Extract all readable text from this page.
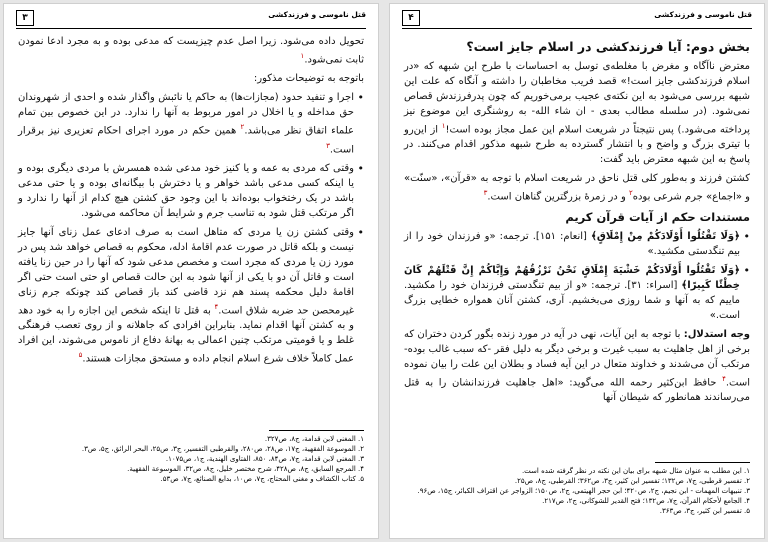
۳	قتل ناموسی و فرزندکشی

تحویل داده می‌شود. زیرا اصل عدم چیزیست که مدعی بوده و به مجرد ادعا نمودن ثابت نمی‌شود.$^۱$

باتوجه به توضیحات مذکور:

• اجرا و تنفید حدود (مجازات‌ها) به حاکم یا نائبش واگذار شده و احدی از شهروندان حق مداخله و یا اخلال در امور مربوط به آنها را ندارد. در این خصوص بین تمام علماء اتفاق نظر می‌باشد.$^۲$ همین حکم در مورد اجرای احکام تعزیری نیز برقرار است.$^۳$

• وقتی که مردی به عمه و یا کنیز خود مدعی شده همسرش با مردی دیگری بوده و یا اینکه کسی مدعی باشد خواهر و یا دخترش با بیگانه‌ای بوده و یا حتی مدعی باشد در یک رختخواب بوده‌اند با این وجود حق کشتن هیچ کدام از آنها را ندارد و اگر مرتکب قتل شود به تناسب جرم و شرایط آن محاکمه می‌شود.

• وقتی کشتن زن یا مردی که متاهل است به صرف ادعای عمل زنای آنها جایز نیست و بلکه قاتل در صورت عدم اقامهٔ ادله، محکوم به قصاص خواهد شد پس در مورد زن یا مردی که مجرد است و مخصص مدعی شود که آنها را در حین زنا یافته است و قاتل آن دو با یکی از آنها شود به این حالت قصاص او حتی است حتی اگر اقامهٔ دلیل محکمه پسند هم نزد قاضی کند باز قصاص کند چونکه جرم زنای غیرمحصن حد ضربه شلاق است.$^۴$ به قتل تا اینکه شخص این اجازه را به خود دهد و به کشتن آنها اقدام نماید. بنابراین افرادی که جاهلانه و از روی تعصب فرهنگی غلط و یا قومیتی مرتکب چنین اعمالی به بهانهٔ دفاع از ناموس می‌شوند، این افراد عمل کاملاً خلاف شرع اسلام انجام داده و مستحق مجازات هستند.$^۵$

۱. المغنی لابن قدامة، ج۸، ص۳۲۷.

۲. الموسوعة الفقهیة، ج۱۷، ص۲۸، ص۲۸۰، والقرطبی التفسیر، ج۳، ص۲۵، البحر الرائق، ج۵، ص۳.

۳. المغنی لابن قدامة، ج۷، ص۸۴، ۸۵۰، الفتاوی الهندیة، ج۱، ص۱۰۷۵.

۴. المرجع السابق، ج۸، ص۴۲۸، شرح مختصر خلیل، ج۸، ص۳۲، الموسوعة الفقهیة.

۵. کتاب الکشاف و مغنی المحتاج، ج۷، ص۱۰، بدایع الصنائع، ج۷، ص۵۳.

۴	قتل ناموسی و فرزندکشی
بخش دوم: آیا فرزندکشی در اسلام جایز است؟

معترض ناآگاه و مغرض با مغلطه‌ی توسل به احساسات با طرح این شبهه که «در اسلام فرزندکشی جایز است!» قصد فریب مخاطبان را داشته و آنگاه که علت این شبهه بررسی می‌شود به این نکته‌ی عجیب برمی‌خوریم که چون پدرفرزندش قصاص نمی‌شود. (در سلسله مطالب بعدی - ان شاء الله- به روشنگری این موضوع نیز پرداخته می‌شود.) پس نتیجتاً در شریعت اسلام این عمل مجاز بوده است!$^۱$ از این‌رو با تیتری بزرگ و واضح و با انتشار گسترده به طرح شبهه مذکور اقدام می‌کنند. در پاسخ به این شبهه معترض باید گفت:

کشتن فرزند و به‌طور کلی قتل ناحق در شریعت اسلام با توجه به «قرآن»، «سنّت» و «اجماع» جرم شرعی بوده$^۲$ و در زمرهٔ بزرگترین گناهان است.$^۳$

مستندات حکم از آیات قرآن کریم

• ﴿وَلَا تَقْتُلُوا أَوْلَادَكُمْ مِنْ إِمْلَاقٍ﴾ [انعام: ۱۵۱]. ترجمه: «و فرزندان خود را از بیم تنگدستی مکشید.»

• ﴿وَلَا تَقْتُلُوا أَوْلَادَكُمْ خَشْيَةَ إِمْلَاقٍ نَحْنُ نَرْزُقُهُمْ وَإِيَّاكُمْ إِنَّ قَتْلَهُمْ كَانَ خِطْئًا كَبِيرًا﴾ [اسراء: ۳۱]. ترجمه: «و از بیم تنگدستی فرزندان خود را مکشید. ماییم که به آنها و شما روزی می‌بخشیم. آری، کشتن آنان همواره خطایی بزرگ است.»

وجه استدلال: با توجه به این آیات، نهی در آیه در مورد زنده بگور کردن دختران که برخی از اهل جاهلیت به سبب غیرت و برخی دیگر به دلیل فقر -که سبب غالب بوده- مرتکب آن می‌شدند و خداوند متعال در این آیه فساد و بطلان این علت را بیان نموده است.$^۴$ حافظ ابن‌کثیر رحمه الله می‌گوید: «اهل جاهلیت فرزندانشان را به قتل می‌رساندند همانطور که شیطان آنها

۱. این مطلب به عنوان مثال شبهه برای بیان این نکته در نظر گرفته شده است.

۲. تفسیر قرطبی، ج۷، ص۱۳۲؛ تفسیر ابن کثیر، ج۳، ص۳۶۲؛ القرطبی، ج۸، ص۲۵.

۳. تنبیهات المهمات - ابن نجیم، ج۲، ص۴۲۰؛ ابن حجر الهیتمی، ج۲، ص۱۵۰؛ الزواجر عن اقتراف الکبائر، ج۱۵، ص۹۶.

۴. الجامع لأحکام القرآن، ج۷، ص۱۳۲؛ فتح القدیر للشوکانی، ج۲، ص۲۱۷.

۵. تفسیر ابن کثیر، ج۳، ص۳۶۳.
